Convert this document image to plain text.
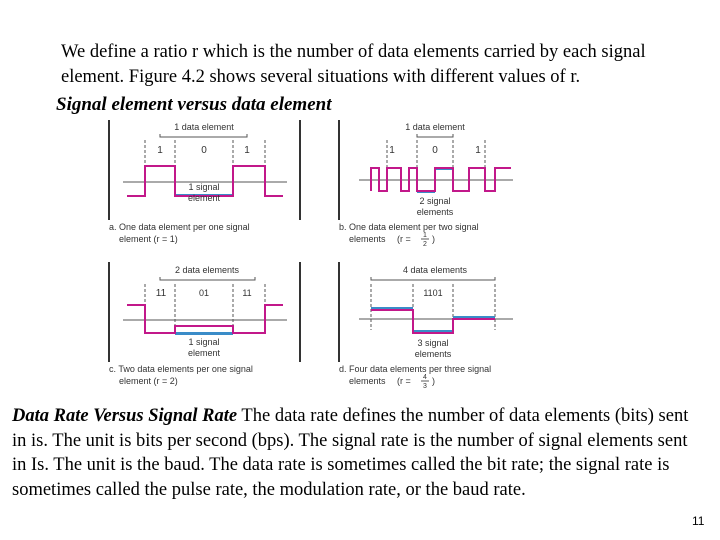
We define a ratio r which is the number of data elements carried by each signal element. Figure 4.2 shows several situations with different values of r.
Signal element versus data element
1 data element
1	0	1
1 signal
element
a. One data element per one signal
element (r = 1)
1 data element
1	0	1
2 signal
elements
b. One data element per two signal
elements (r = 1
2
)
2 data elements
11	01	11
1 signal
element
c. Two data elements per one signal
element (r = 2)
4 data elements
1101
3 signal
elements
d. Four data elements per three signal
elements (r = 4
3
)
Data Rate Versus Signal Rate The data rate defines the number of data elements (bits) sent in is. The unit is bits per second (bps). The signal rate is the number of signal elements sent in Is. The unit is the baud. The data rate is sometimes called the bit rate; the signal rate is sometimes called the pulse rate, the modulation rate, or the baud rate.
11
